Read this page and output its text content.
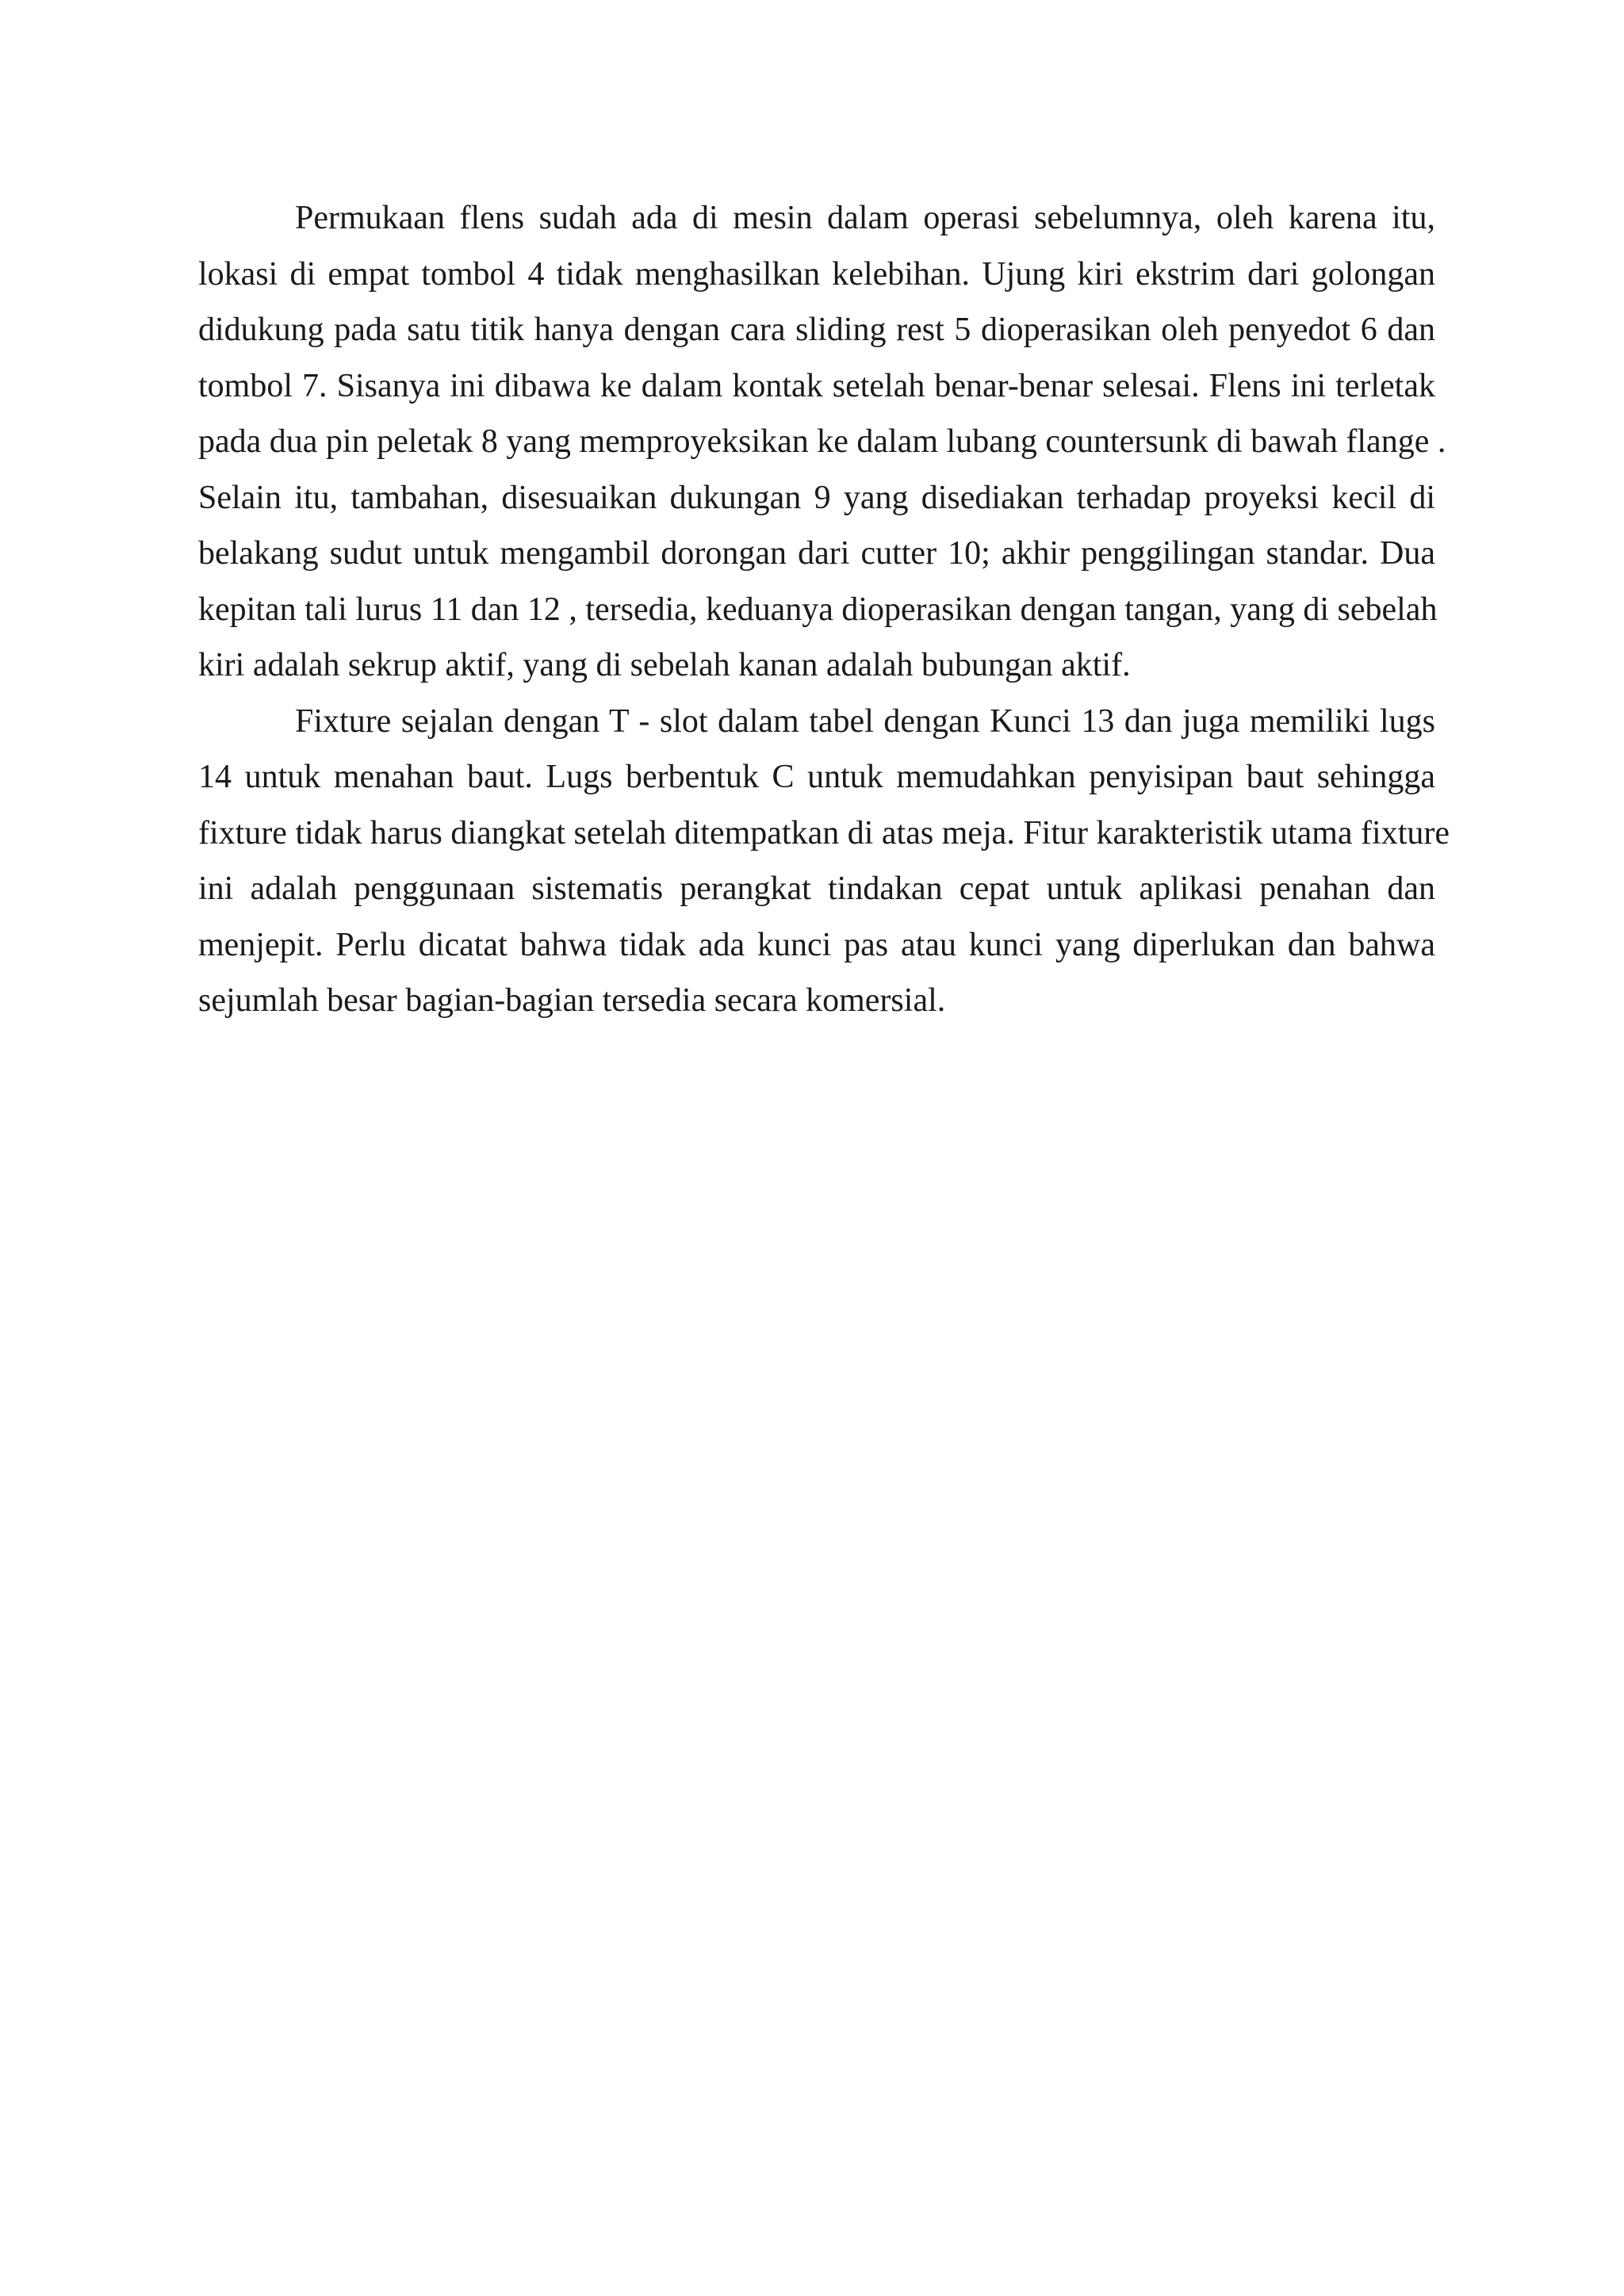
Permukaan flens sudah ada di mesin dalam operasi sebelumnya, oleh karena itu,
lokasi di empat tombol 4 tidak menghasilkan kelebihan. Ujung kiri ekstrim dari golongan
didukung pada satu titik hanya dengan cara sliding rest 5 dioperasikan oleh penyedot 6 dan
tombol 7. Sisanya ini dibawa ke dalam kontak setelah benar-benar selesai. Flens ini terletak
pada dua pin peletak 8 yang memproyeksikan ke dalam lubang countersunk di bawah flange .
Selain itu, tambahan, disesuaikan dukungan 9 yang disediakan terhadap proyeksi kecil di
belakang sudut untuk mengambil dorongan dari cutter 10; akhir penggilingan standar. Dua
kepitan tali lurus 11 dan 12 , tersedia, keduanya dioperasikan dengan tangan, yang di sebelah
kiri adalah sekrup aktif, yang di sebelah kanan adalah bubungan aktif.
Fixture sejalan dengan T - slot dalam tabel dengan Kunci 13 dan juga memiliki lugs
14 untuk menahan baut. Lugs berbentuk C untuk memudahkan penyisipan baut sehingga
fixture tidak harus diangkat setelah ditempatkan di atas meja. Fitur karakteristik utama fixture
ini adalah penggunaan sistematis perangkat tindakan cepat untuk aplikasi penahan dan
menjepit. Perlu dicatat bahwa tidak ada kunci pas atau kunci yang diperlukan dan bahwa
sejumlah besar bagian-bagian tersedia secara komersial.
